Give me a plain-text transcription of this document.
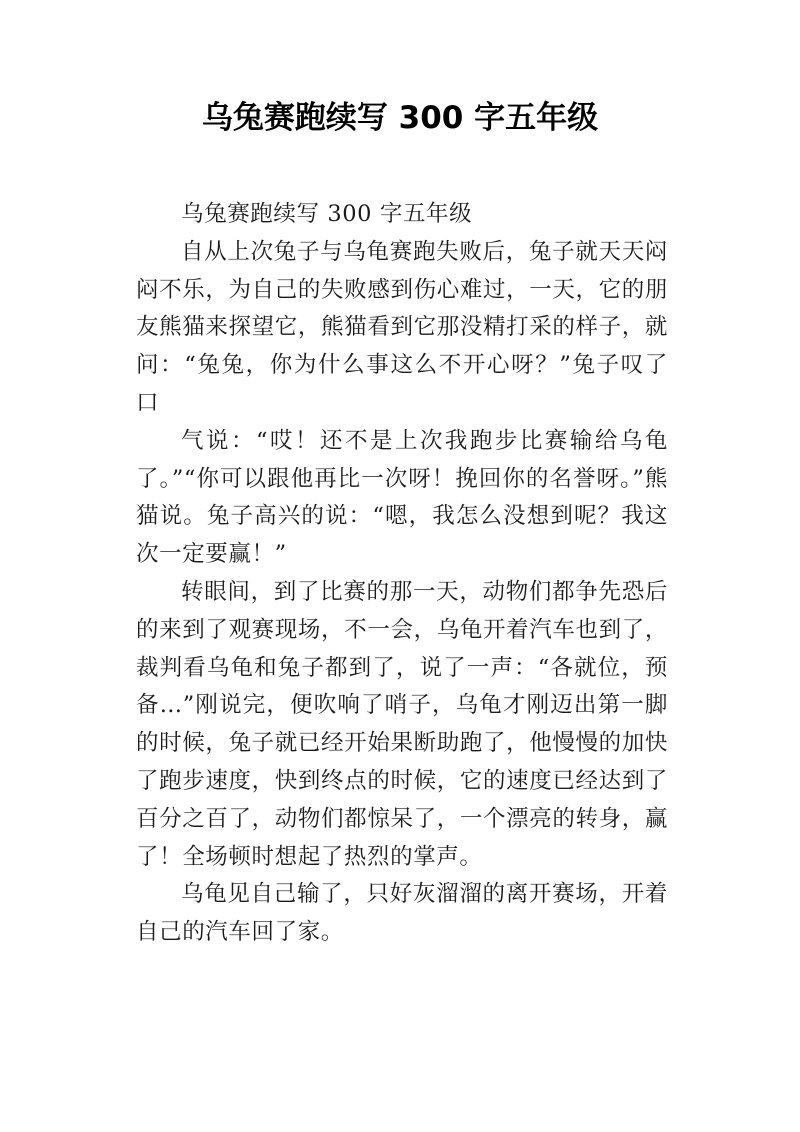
乌兔赛跑续写 300 字五年级

乌兔赛跑续写 300 字五年级

自从上次兔子与乌龟赛跑失败后，兔子就天天闷闷不乐，为自己的失败感到伤心难过，一天，它的朋友熊猫来探望它，熊猫看到它那没精打采的样子，就问：“兔兔，你为什么事这么不开心呀？”兔子叹了口

气说：“哎！还不是上次我跑步比赛输给乌龟了。”“你可以跟他再比一次呀！挽回你的名誉呀。”熊猫说。兔子高兴的说：“嗯，我怎么没想到呢？我这次一定要赢！”

转眼间，到了比赛的那一天，动物们都争先恐后的来到了观赛现场，不一会，乌龟开着汽车也到了，裁判看乌龟和兔子都到了，说了一声：“各就位，预备…”刚说完，便吹响了哨子，乌龟才刚迈出第一脚的时候，兔子就已经开始果断助跑了，他慢慢的加快了跑步速度，快到终点的时候，它的速度已经达到了百分之百了，动物们都惊呆了，一个漂亮的转身，赢了！全场顿时想起了热烈的掌声。

乌龟见自己输了，只好灰溜溜的离开赛场，开着自己的汽车回了家。
